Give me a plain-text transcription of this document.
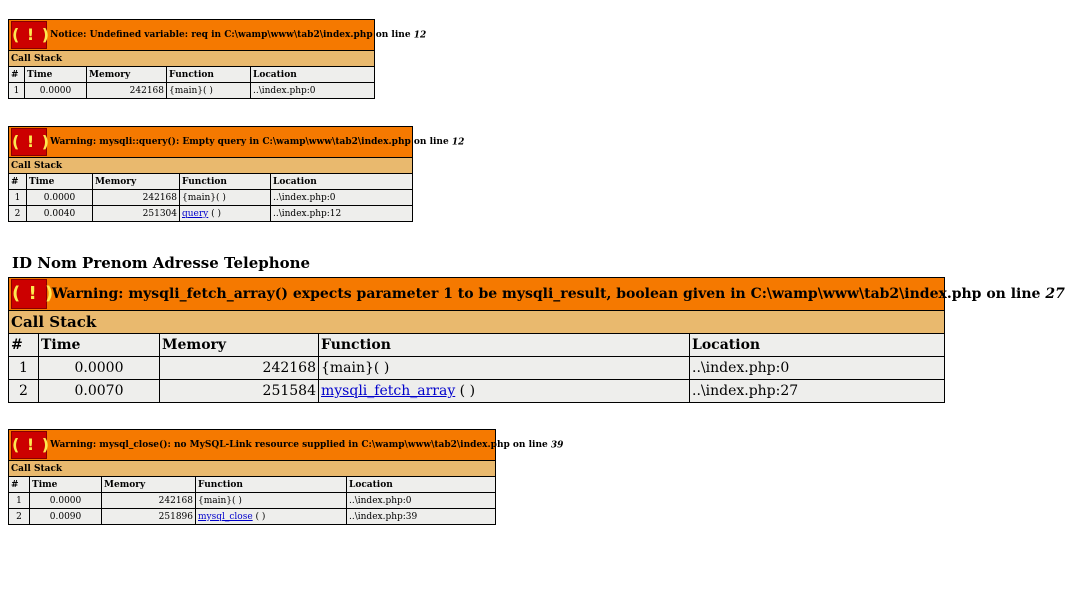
( ! ) Notice: Undefined variable: req in C:\wamp\www\tab2\index.php on line 12				
Call Stack				
#	Time	Memory	Function	Location
1	0.0000	242168	{main}( )	..\index.php:0
( ! ) Warning: mysqli::query(): Empty query in C:\wamp\www\tab2\index.php on line 12				
Call Stack				
#	Time	Memory	Function	Location
1	0.0000	242168	{main}( )	..\index.php:0
2	0.0040	251304	query ( )	..\index.php:12

ID Nom Prenom Adresse Telephone

( ! ) Warning: mysqli_fetch_array() expects parameter 1 to be mysqli_result, boolean given in C:\wamp\www\tab2\index.php on line 27				
Call Stack				
#	Time	Memory	Function	Location
1	0.0000	242168	{main}( )	..\index.php:0
2	0.0070	251584	mysqli_fetch_array ( )	..\index.php:27
( ! ) Warning: mysql_close(): no MySQL-Link resource supplied in C:\wamp\www\tab2\index.php on line 39				
Call Stack				
#	Time	Memory	Function	Location
1	0.0000	242168	{main}( )	..\index.php:0
2	0.0090	251896	mysql_close ( )	..\index.php:39
